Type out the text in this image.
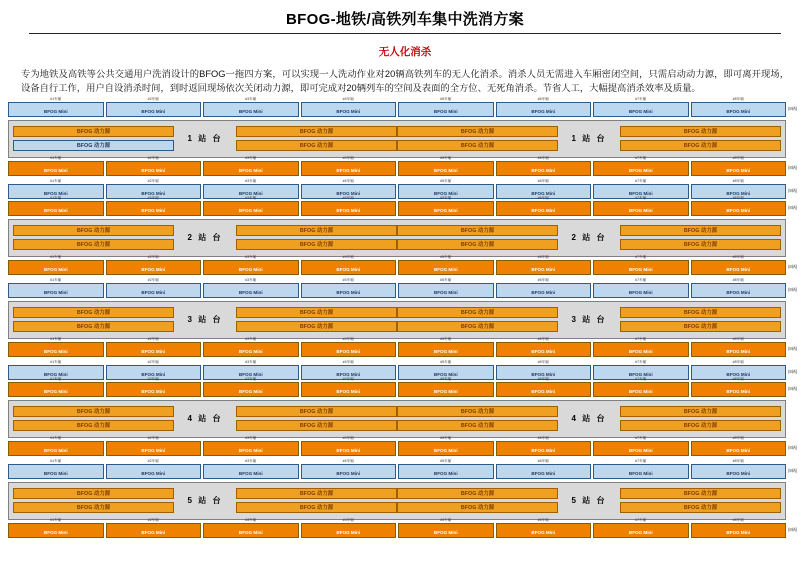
BFOG-地铁/高铁列车集中洗消方案
无人化消杀
专为地铁及高铁等公共交通用户洗消设计的BFOG一拖四方案，可以实现一人洗动作业对20辆高铁列车的无人化消杀。消杀人员无需进入车厢密闭空间，只需启动动力源，即可离开现场，设备自行工作，用户自设消杀时间，到时返回现场依次关闭动力源，即可完成对20辆列车的空间及表面的全方位、无死角消杀。节省人工，大幅提高消杀效率及质量。
#1车厢
BFOG Mini
#2车厢
BFOG Mini
#3车厢
BFOG Mini
#4车厢
BFOG Mini
#5车厢
BFOG Mini
#6车厢
BFOG Mini
#7车厢
BFOG Mini
#8车厢
BFOG Mini	(8辆)
BFOG 动力源
BFOG 动力源
1 站 台
BFOG 动力源
BFOG 动力源
BFOG 动力源
BFOG 动力源
1 站 台
BFOG 动力源
BFOG 动力源
#1车厢
BFOG Mini
#2车厢
BFOG Mini
#3车厢
BFOG Mini
#4车厢
BFOG Mini
#5车厢
BFOG Mini
#6车厢
BFOG Mini
#7车厢
BFOG Mini
#8车厢
BFOG Mini	(8辆)
#1车厢
BFOG Mini
#2车厢
BFOG Mini
#3车厢
BFOG Mini
#4车厢
BFOG Mini
#5车厢
BFOG Mini
#6车厢
BFOG Mini
#7车厢
BFOG Mini
#8车厢
BFOG Mini	(8辆)
#1车厢
BFOG Mini
#2车厢
BFOG Mini
#3车厢
BFOG Mini
#4车厢
BFOG Mini
#5车厢
BFOG Mini
#6车厢
BFOG Mini
#7车厢
BFOG Mini
#8车厢
BFOG Mini	(8辆)
BFOG 动力源
BFOG 动力源
2 站 台
BFOG 动力源
BFOG 动力源
BFOG 动力源
BFOG 动力源
2 站 台
BFOG 动力源
BFOG 动力源
#1车厢
BFOG Mini
#2车厢
BFOG Mini
#3车厢
BFOG Mini
#4车厢
BFOG Mini
#5车厢
BFOG Mini
#6车厢
BFOG Mini
#7车厢
BFOG Mini
#8车厢
BFOG Mini	(8辆)
#1车厢
BFOG Mini
#2车厢
BFOG Mini
#3车厢
BFOG Mini
#4车厢
BFOG Mini
#5车厢
BFOG Mini
#6车厢
BFOG Mini
#7车厢
BFOG Mini
#8车厢
BFOG Mini	(8辆)
BFOG 动力源
BFOG 动力源
3 站 台
BFOG 动力源
BFOG 动力源
BFOG 动力源
BFOG 动力源
3 站 台
BFOG 动力源
BFOG 动力源
#1车厢
BFOG Mini
#2车厢
BFOG Mini
#3车厢
BFOG Mini
#4车厢
BFOG Mini
#5车厢
BFOG Mini
#6车厢
BFOG Mini
#7车厢
BFOG Mini
#8车厢
BFOG Mini	(8辆)
#1车厢
BFOG Mini
#2车厢
BFOG Mini
#3车厢
BFOG Mini
#4车厢
BFOG Mini
#5车厢
BFOG Mini
#6车厢
BFOG Mini
#7车厢
BFOG Mini
#8车厢
BFOG Mini	(8辆)
#1车厢
BFOG Mini
#2车厢
BFOG Mini
#3车厢
BFOG Mini
#4车厢
BFOG Mini
#5车厢
BFOG Mini
#6车厢
BFOG Mini
#7车厢
BFOG Mini
#8车厢
BFOG Mini	(8辆)
BFOG 动力源
BFOG 动力源
4 站 台
BFOG 动力源
BFOG 动力源
BFOG 动力源
BFOG 动力源
4 站 台
BFOG 动力源
BFOG 动力源
#1车厢
BFOG Mini
#2车厢
BFOG Mini
#3车厢
BFOG Mini
#4车厢
BFOG Mini
#5车厢
BFOG Mini
#6车厢
BFOG Mini
#7车厢
BFOG Mini
#8车厢
BFOG Mini	(8辆)
#1车厢
BFOG Mini
#2车厢
BFOG Mini
#3车厢
BFOG Mini
#4车厢
BFOG Mini
#5车厢
BFOG Mini
#6车厢
BFOG Mini
#7车厢
BFOG Mini
#8车厢
BFOG Mini	(8辆)
BFOG 动力源
BFOG 动力源
5 站 台
BFOG 动力源
BFOG 动力源
BFOG 动力源
BFOG 动力源
5 站 台
BFOG 动力源
BFOG 动力源
#1车厢
BFOG Mini
#2车厢
BFOG Mini
#3车厢
BFOG Mini
#4车厢
BFOG Mini
#5车厢
BFOG Mini
#6车厢
BFOG Mini
#7车厢
BFOG Mini
#8车厢
BFOG Mini	(8辆)
